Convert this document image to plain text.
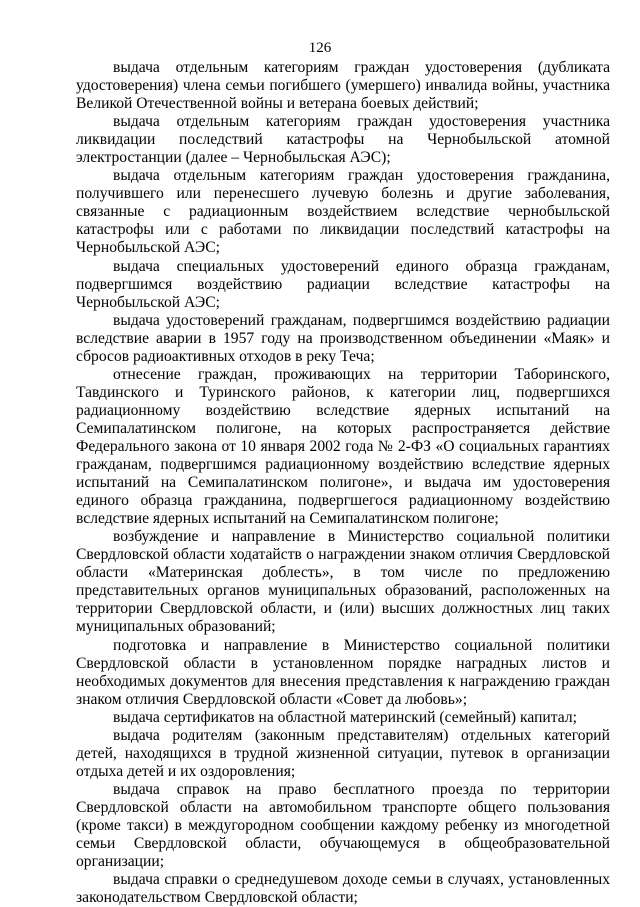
126

выдача отдельным категориям граждан удостоверения (дубликата удостоверения) члена семьи погибшего (умершего) инвалида войны, участника Великой Отечественной войны и ветерана боевых действий;

выдача отдельным категориям граждан удостоверения участника ликвидации последствий катастрофы на Чернобыльской атомной электростанции (далее – Чернобыльская АЭС);

выдача отдельным категориям граждан удостоверения гражданина, получившего или перенесшего лучевую болезнь и другие заболевания, связанные с радиационным воздействием вследствие чернобыльской катастрофы или с работами по ликвидации последствий катастрофы на Чернобыльской АЭС;

выдача специальных удостоверений единого образца гражданам, подвергшимся воздействию радиации вследствие катастрофы на Чернобыльской АЭС;

выдача удостоверений гражданам, подвергшимся воздействию радиации вследствие аварии в 1957 году на производственном объединении «Маяк» и сбросов радиоактивных отходов в реку Теча;

отнесение граждан, проживающих на территории Таборинского, Тавдинского и Туринского районов, к категории лиц, подвергшихся радиационному воздействию вследствие ядерных испытаний на Семипалатинском полигоне, на которых распространяется действие Федерального закона от 10 января 2002 года № 2-ФЗ «О социальных гарантиях гражданам, подвергшимся радиационному воздействию вследствие ядерных испытаний на Семипалатинском полигоне», и выдача им удостоверения единого образца гражданина, подвергшегося радиационному воздействию вследствие ядерных испытаний на Семипалатинском полигоне;

возбуждение и направление в Министерство социальной политики Свердловской области ходатайств о награждении знаком отличия Свердловской области «Материнская доблесть», в том числе по предложению представительных органов муниципальных образований, расположенных на территории Свердловской области, и (или) высших должностных лиц таких муниципальных образований;

подготовка и направление в Министерство социальной политики Свердловской области в установленном порядке наградных листов и необходимых документов для внесения представления к награждению граждан знаком отличия Свердловской области «Совет да любовь»;

выдача сертификатов на областной материнский (семейный) капитал;

выдача родителям (законным представителям) отдельных категорий детей, находящихся в трудной жизненной ситуации, путевок в организации отдыха детей и их оздоровления;

выдача справок на право бесплатного проезда по территории Свердловской области на автомобильном транспорте общего пользования (кроме такси) в междугородном сообщении каждому ребенку из многодетной семьи Свердловской области, обучающемуся в общеобразовательной организации;

выдача справки о среднедушевом доходе семьи в случаях, установленных законодательством Свердловской области;
